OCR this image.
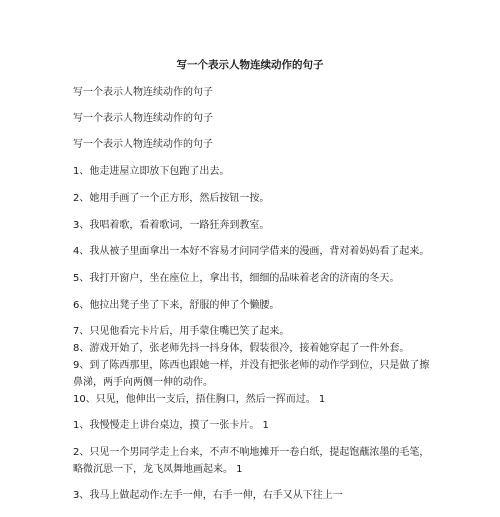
写一个表示人物连续动作的句子
写一个表示人物连续动作的句子
写一个表示人物连续动作的句子
写一个表示人物连续动作的句子
1、他走进屋立即放下包跑了出去。
2、她用手画了一个正方形，然后按钮一按。
3、我唱着歌，看着歌词，一路狂奔到教室。
4、我从被子里面拿出一本好不容易才问同学借来的漫画，背对着妈妈看了起来。
5、我打开窗户，坐在座位上，拿出书，细细的品味着老舍的济南的冬天。
6、他拉出凳子坐了下来，舒服的伸了个懒腰。
7、只见他看完卡片后，用手蒙住嘴巴笑了起来。
8、游戏开始了，张老师先抖一抖身体，假装很冷，接着她穿起了一件外套。
9、到了陈西那里，陈西也跟她一样，并没有把张老师的动作学到位，只是做了擦鼻涕，两手向两侧一伸的动作。
10、只见，他伸出一支后，捂住胸口，然后一挥而过。 1
1、我慢慢走上讲台桌边，摸了一张卡片。 1
2、只见一个男同学走上台来，不声不响地摊开一卷白纸，提起饱蘸浓墨的毛笔，略微沉思一下，龙飞凤舞地画起来。 1
3、我马上做起动作:左手一伸，右手一伸，右手又从下往上一
